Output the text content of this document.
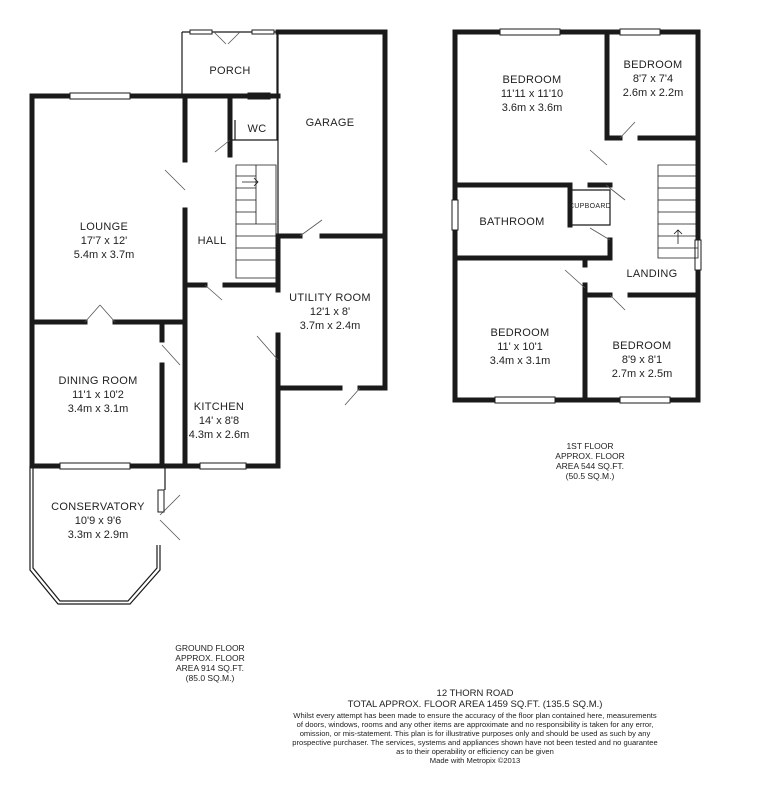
PORCH
WC	GARAGE
LOUNGE
17'7 x 12'
5.4m x 3.7m
HALL
UTILITY ROOM
12'1 x 8'
3.7m x 2.4m
DINING ROOM
11'1 x 10'2
3.4m x 3.1m	KITCHEN
14' x 8'8
4.3m x 2.6m
CONSERVATORY
10'9 x 9'6
3.3m x 2.9m
BEDROOM
11'11 x 11'10
3.6m x 3.6m
BEDROOM
8'7 x 7'4
2.6m x 2.2m
CUPBOARD
BATHROOM
LANDING
BEDROOM
11' x 10'1
3.4m x 3.1m
BEDROOM
8'9 x 8'1
2.7m x 2.5m
1ST FLOOR
APPROX. FLOOR
AREA 544 SQ.FT.
(50.5 SQ.M.)
GROUND FLOOR
APPROX. FLOOR
AREA 914 SQ.FT.
(85.0 SQ.M.)
12 THORN ROAD
TOTAL APPROX. FLOOR AREA 1459 SQ.FT. (135.5 SQ.M.)
Whilst every attempt has been made to ensure the accuracy of the floor plan contained here, measurements
of doors, windows, rooms and any other items are approximate and no responsibility is taken for any error,
omission, or mis-statement. This plan is for illustrative purposes only and should be used as such by any
prospective purchaser. The services, systems and appliances shown have not been tested and no guarantee
as to their operability or efficiency can be given
Made with Metropix ©2013
